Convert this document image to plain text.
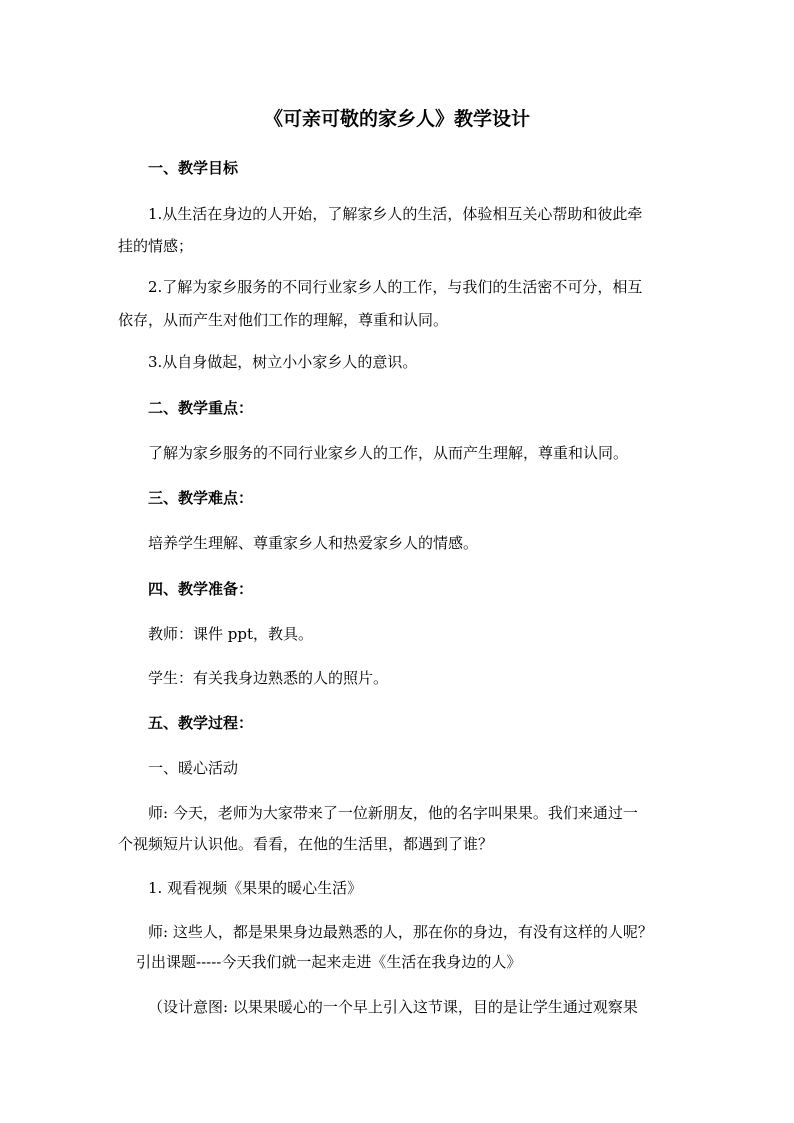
《可亲可敬的家乡人》教学设计
一、教学目标
1.从生活在身边的人开始，了解家乡人的生活，体验相互关心帮助和彼此牵
挂的情感；
2.了解为家乡服务的不同行业家乡人的工作，与我们的生活密不可分，相互
依存，从而产生对他们工作的理解，尊重和认同。
3.从自身做起，树立小小家乡人的意识。
二、教学重点：
了解为家乡服务的不同行业家乡人的工作，从而产生理解，尊重和认同。
三、教学难点：
培养学生理解、尊重家乡人和热爱家乡人的情感。
四、教学准备：
教师：课件 ppt，教具。
学生：有关我身边熟悉的人的照片。
五、教学过程：
一、暖心活动
师: 今天，老师为大家带来了一位新朋友，他的名字叫果果。我们来通过一
个视频短片认识他。看看，在他的生活里，都遇到了谁？
1. 观看视频《果果的暖心生活》
师: 这些人，都是果果身边最熟悉的人，那在你的身边，有没有这样的人呢？
引出课题-----今天我们就一起来走进《生活在我身边的人》
（设计意图: 以果果暖心的一个早上引入这节课，目的是让学生通过观察果
